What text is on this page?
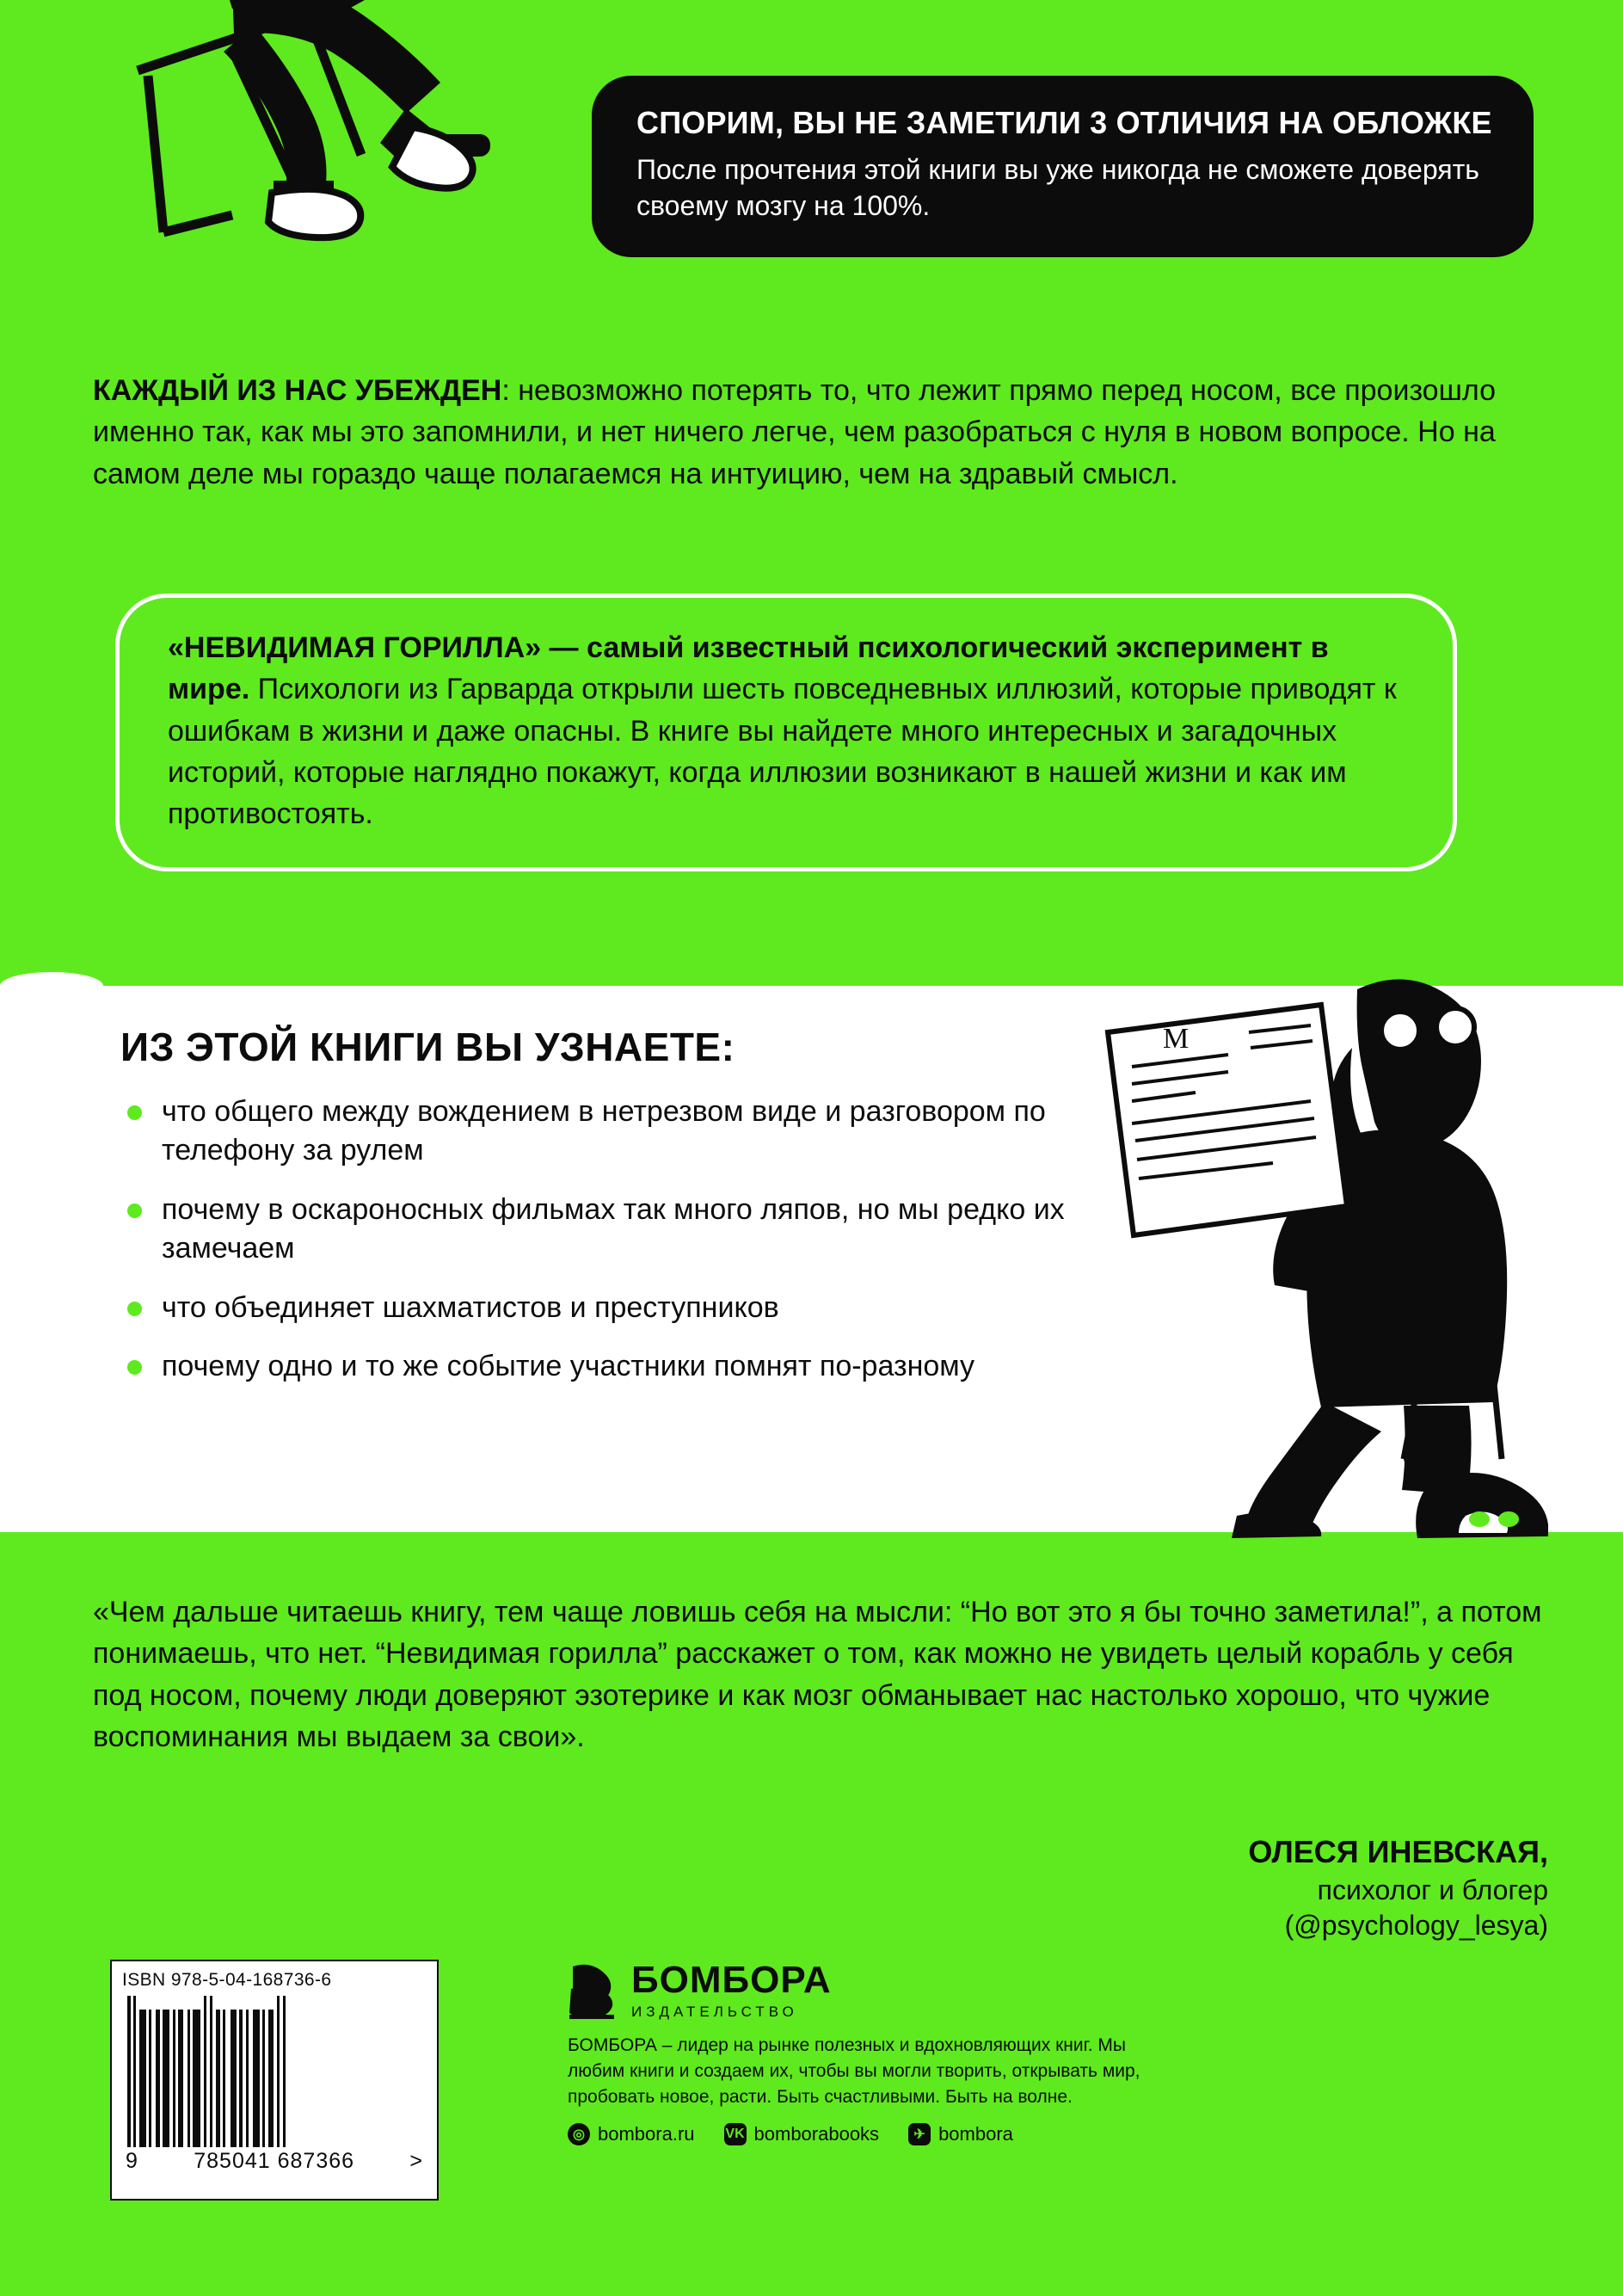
СПОРИМ, ВЫ НЕ ЗАМЕТИЛИ 3 ОТЛИЧИЯ НА ОБЛОЖКЕ

После прочтения этой книги вы уже никогда не сможете доверять своему мозгу на 100%.

КАЖДЫЙ ИЗ НАС УБЕЖДЕН: невозможно потерять то, что лежит прямо перед носом, все произошло именно так, как мы это запомнили, и нет ничего легче, чем разобраться с нуля в новом вопросе. Но на самом деле мы гораздо чаще полагаемся на интуицию, чем на здравый смысл.

«НЕВИДИМАЯ ГОРИЛЛА» — самый известный психологический эксперимент в мире. Психологи из Гарварда открыли шесть повседневных иллюзий, которые приводят к ошибкам в жизни и даже опасны. В книге вы найдете много интересных и загадочных историй, которые наглядно покажут, когда иллюзии возникают в нашей жизни и как им противостоять.

ИЗ ЭТОЙ КНИГИ ВЫ УЗНАЕТЕ:
что общего между вождением в нетрезвом виде и разговором по телефону за рулем
почему в оскароносных фильмах так много ляпов, но мы редко их замечаем
что объединяет шахматистов и преступников
почему одно и то же событие участники помнят по-разному
M
«Чем дальше читаешь книгу, тем чаще ловишь себя на мысли: “Но вот это я бы точно заметила!”, а потом понимаешь, что нет. “Невидимая горилла” расскажет о том, как можно не увидеть целый корабль у себя под носом, почему люди доверяют эзотерике и как мозг обманывает нас настолько хорошо, что чужие воспоминания мы выдаем за свои».
ОЛЕСЯ ИНЕВСКАЯ,
психолог и блогер
(@psychology_lesya)
ISBN 978-5-04-168736-6
9	785041 687366	>
БОМБОРА
ИЗДАТЕЛЬСТВО

БОМБОРА – лидер на рынке полезных и вдохновляющих книг. Мы любим книги и создаем их, чтобы вы могли творить, открывать мир, пробовать новое, расти. Быть счастливыми. Быть на волне.

◎ bombora.ru VK bomborabooks	✈ bombora
